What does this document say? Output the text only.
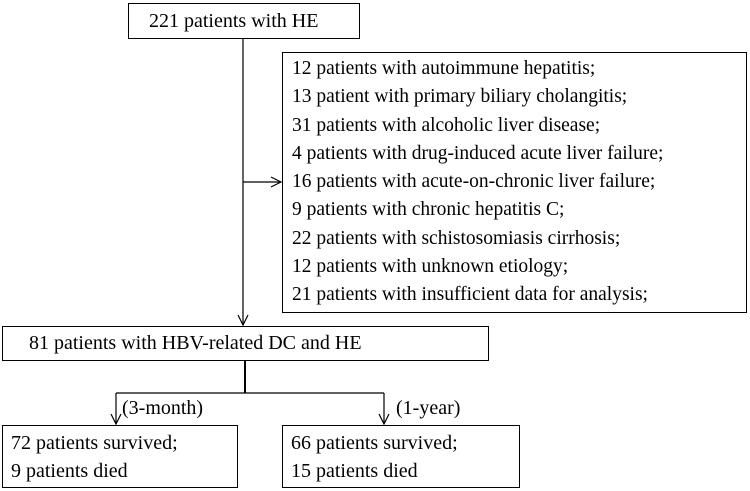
221 patients with HE
12 patients with autoimmune hepatitis;
13 patient with primary biliary cholangitis;
31 patients with alcoholic liver disease;
4 patients with drug-induced acute liver failure;
16 patients with acute-on-chronic liver failure;
9 patients with chronic hepatitis C;
22 patients with schistosomiasis cirrhosis;
12 patients with unknown etiology;
21 patients with insufficient data for analysis;
81 patients with HBV-related DC and HE
(3-month)	(1-year)
72 patients survived;
9 patients died
66 patients survived;
15 patients died
